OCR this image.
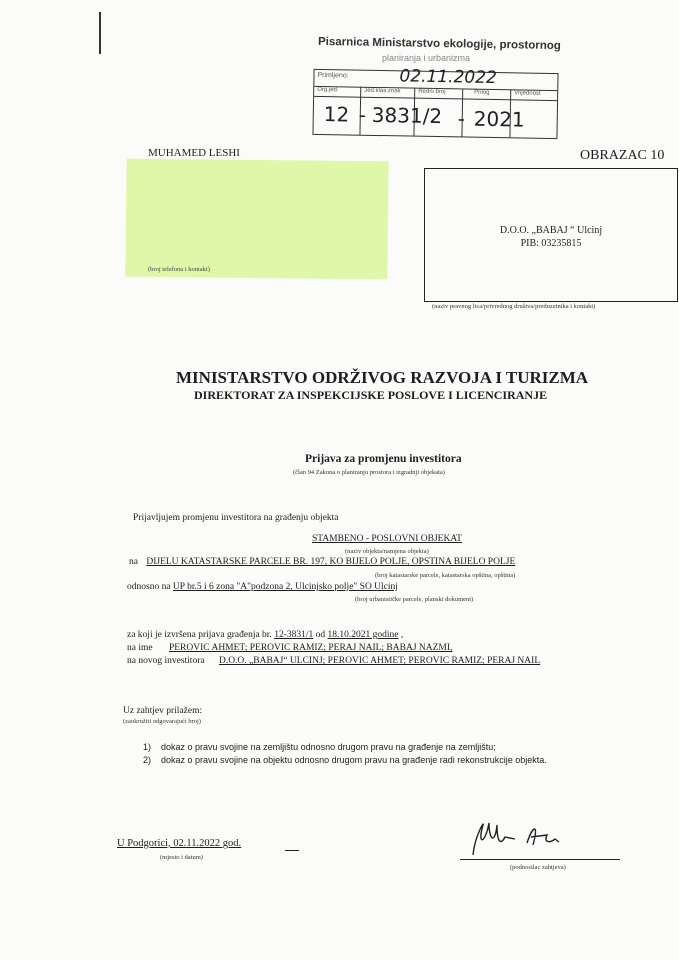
Pisarnica Ministarstvo ekologije, prostornog
planiranja i urbanizma
Primljeno:	02.11.2022
Org.jed.	Jed.klas.znak	Redni broj	Prilog	Vrijednost
12 - 3831/2 - 2021
MUHAMED LESHI	OBRAZAC 10
(broj telefona i kontakt)
D.O.O. „BABAJ “ Ulcinj
PIB: 03235815
(naziv pravnog lica/privrednog društva/preduzetnika i kontakt)
MINISTARSTVO ODRŽIVOG RAZVOJA I TURIZMA
DIREKTORAT ZA INSPEKCIJSKE POSLOVE I LICENCIRANJE
Prijava za promjenu investitora
(član 94 Zakona o planiranju prostora i izgradnji objekata)
Prijavljujem promjenu investitora na građenju objekta
STAMBENO - POSLOVNI OBJEKAT
(naziv objekta/namjena objekta)
na DIJELU KATASTARSKE PARCELE BR. 197, KO BIJELO POLJE, OPSTINA BIJELO POLJE
(broj katastarske parcele, katastarska opština, opština)
odnosno na UP br.5 i 6 zona "A"podzona 2, Ulcinjsko polje" SO Ulcinj
(broj urbanističke parcele, planski dokument)
za koji je izvršena prijava građenja br. 12-3831/1 od 18.10.2021 godine ,
na ime PEROVIC AHMET; PEROVIC RAMIZ; PERAJ NAIL; BABAJ NAZMI,
na novog investitora D.O.O. „BABAJ“ ULCINJ; PEROVIC AHMET; PEROVIC RAMIZ; PERAJ NAIL
Uz zahtjev prilažem:
(zaokružiti odgovarajući broj)
1) dokaz o pravu svojine na zemljištu odnosno drugom pravu na građenje na zemljištu;
2) dokaz o pravu svojine na objektu odnosno drugom pravu na građenje radi rekonstrukcije objekta.
U Podgorici, 02.11.2022 god.
(mjesto i datum)
(podnosilac zahtjeva)
